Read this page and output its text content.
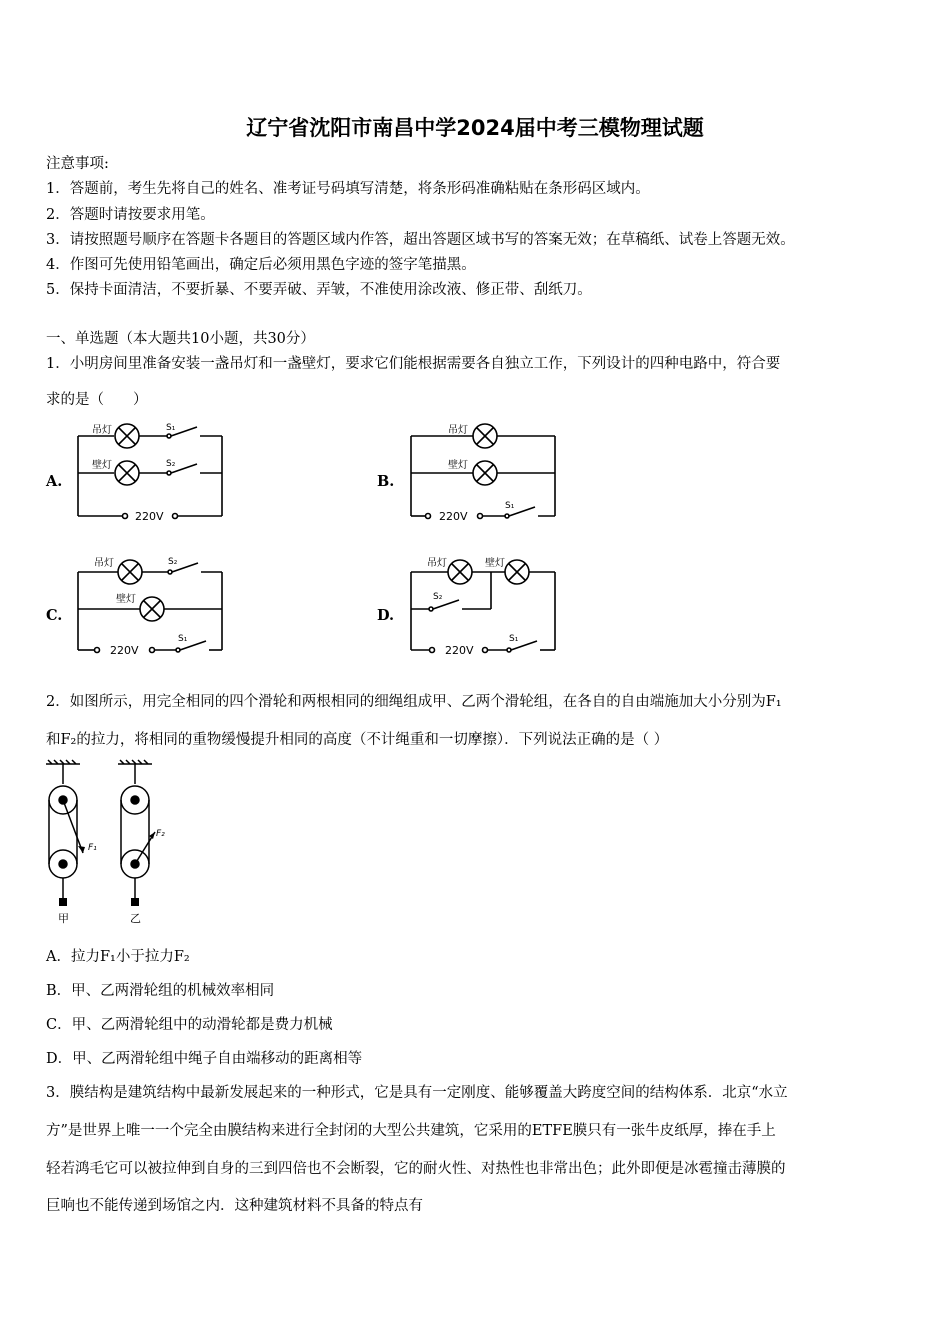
辽宁省沈阳市南昌中学2024届中考三模物理试题
注意事项:
1．答题前，考生先将自己的姓名、准考证号码填写清楚，将条形码准确粘贴在条形码区域内。
2．答题时请按要求用笔。
3．请按照题号顺序在答题卡各题目的答题区域内作答，超出答题区域书写的答案无效；在草稿纸、试卷上答题无效。
4．作图可先使用铅笔画出，确定后必须用黑色字迹的签字笔描黑。
5．保持卡面清洁，不要折暴、不要弄破、弄皱，不准使用涂改液、修正带、刮纸刀。
一、单选题（本大题共10小题，共30分）
1．小明房间里准备安装一盏吊灯和一盏壁灯，要求它们能根据需要各自独立工作，下列设计的四种电路中，符合要
求的是（　　）
A.	B.
C.	D.
吊灯
壁灯
S₁
S₂
220V
吊灯
壁灯
S₁
220V
吊灯
壁灯
S₂
S₁
220V
吊灯	壁灯
S₂
S₁
220V
2．如图所示，用完全相同的四个滑轮和两根相同的细绳组成甲、乙两个滑轮组，在各自的自由端施加大小分别为F₁
和F₂的拉力，将相同的重物缓慢提升相同的高度（不计绳重和一切摩擦）．下列说法正确的是（ ）
F₁
F₂
甲	乙
A．拉力F₁小于拉力F₂
B．甲、乙两滑轮组的机械效率相同
C．甲、乙两滑轮组中的动滑轮都是费力机械
D．甲、乙两滑轮组中绳子自由端移动的距离相等
3．膜结构是建筑结构中最新发展起来的一种形式，它是具有一定刚度、能够覆盖大跨度空间的结构体系．北京“水立
方”是世界上唯一一个完全由膜结构来进行全封闭的大型公共建筑，它采用的ETFE膜只有一张牛皮纸厚，捧在手上
轻若鸿毛它可以被拉伸到自身的三到四倍也不会断裂，它的耐火性、对热性也非常出色；此外即便是冰雹撞击薄膜的
巨响也不能传递到场馆之内．这种建筑材料不具备的特点有
